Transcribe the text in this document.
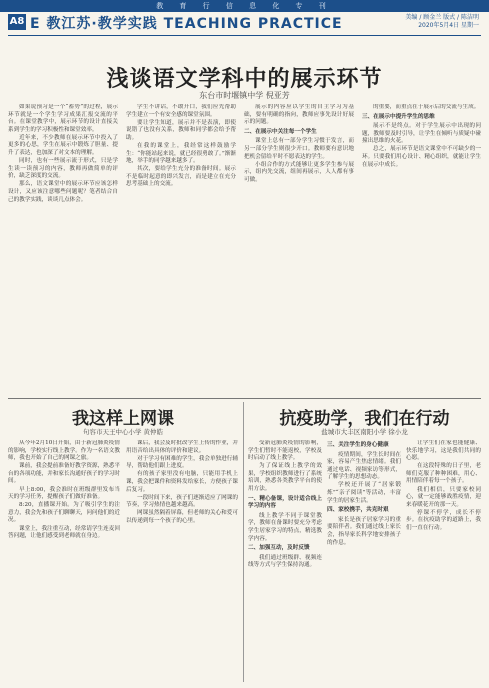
教 育 行 信 息 化 专 刊
A8 E 教江苏·教学实践 TEACHING PRACTICE	美编 / 顾金兰 版式 / 陈洁明
2020年5月4日 星期一
浅谈语文学科中的展示环节
东台市时堰镇中学 倪亚芳

如果说预习是一个“蓄势”的过程，展示环节就是一个学生学习成果汇报交流的平台。在课堂教学中，展示环节的设计直接关系到学生的学习积极性和课堂效率。

近年来，不少教师在展示环节中投入了更多的心思，学生在展示中锻炼了胆量、提升了表达，也加深了对文本的理解。

同时，也有一些展示流于形式，只是学生读一读预习的内容，教师再做简单的评价，缺乏深度的交流。

那么，语文课堂中的展示环节应该怎样设计，又应该注意哪些问题呢？笔者结合自己的教学实践，谈谈几点体会。

学生不讲话，不敢开口，我们应先帮助学生建立一个有安全感的课堂氛围。

要让学生知道，展示并不是表演，即使说错了也没有关系，教师和同学都会给予帮助。

在我的课堂上，我经常这样鼓励学生：“你能站起来说，就已经很勇敢了。”渐渐地，举手的同学越来越多了。

其次，要给学生充分的准备时间。展示不是临时起意的即兴发言，而是建立在充分思考基础上的交流。

展示的内容应以学生的自主学习为基础，要有明确的指向，教师应事先设计好展示的问题。

二、在展示中关注每一个学生

课堂上总有一部分学生习惯于发言，而另一部分学生则很少开口。教师要有意识地把机会留给平时不愿表达的学生。

小组合作的方式能够让更多学生参与展示，组内先交流，组间再展示，人人都有事可做。

的重要，而重点在于展示后的交流与生成。

三、在展示中提升学生的思维

展示不是终点。对于学生展示中出现的问题，教师要及时引导，让学生在倾听与质疑中碰撞出思维的火花。

总之，展示环节是语文课堂中不可缺少的一环。只要我们用心设计、精心组织，就能让学生在展示中成长。

我这样上网课
句容市天王中心小学 黄仲皓

从今年2月10日开始，由于新冠肺炎疫情的影响，学校实行线上教学。作为一名语文教师，我也开始了自己的网课之旅。

课前，我会提前准备好教学资源，熟悉平台的各项功能，并和家长沟通好孩子的学习时间。

早上8:00，我会准时在班级群里发布当天的学习任务，提醒孩子们做好准备。

8:20，直播课开始。为了吸引学生的注意力，我会先和孩子们聊聊天，问问他们的近况。

课堂上，我注重互动，经常请学生连麦回答问题，让他们感受到老师就在身边。

课后，我会及时批改学生上传的作业，并用语音给出具体的评价和建议。

对于学习有困难的学生，我会单独进行辅导，帮助他们跟上进度。

有的孩子家里没有电脑，只能用手机上课，我会把课件和资料发给家长，方便孩子课后复习。

一段时间下来，孩子们逐渐适应了网课的节奏，学习热情也越来越高。

网课虽然隔着屏幕，但老师的关心和爱可以传递到每一个孩子的心里。

抗疫助学，我们在行动
盐城市大丰区南阳小学 徐小龙

受新冠肺炎疫情的影响，学生们暂时不能返校，学校及时启动了线上教学。

为了保证线上教学的效果，学校组织教师进行了系统培训，熟悉各类教学平台的使用方法。

一、精心备课，设计适合线上学习的内容

线上教学不同于课堂教学，教师在备课时要充分考虑学生居家学习的特点，精选教学内容。

二、加强互动，及时反馈

我们通过班级群、视频连线等方式与学生保持沟通。

三、关注学生的身心健康

疫情期间，学生长时间在家，容易产生焦虑情绪。我们通过电话、视频家访等形式，了解学生的思想动态。

学校还开展了“居家锻炼”“亲子阅读”等活动，丰富学生的居家生活。

四、家校携手，共克时艰

家长是孩子居家学习的重要陪伴者。我们通过线上家长会，指导家长科学地安排孩子的作息。

让学生们在家也能健康、快乐地学习，这是我们共同的心愿。

在这段特殊的日子里，老师们克服了种种困难，用心、用情陪伴着每一个孩子。

我们相信，只要家校同心，就一定能够战胜疫情，迎来春暖花开的那一天。

停课不停学，成长不停步。在抗疫助学的道路上，我们一直在行动。
